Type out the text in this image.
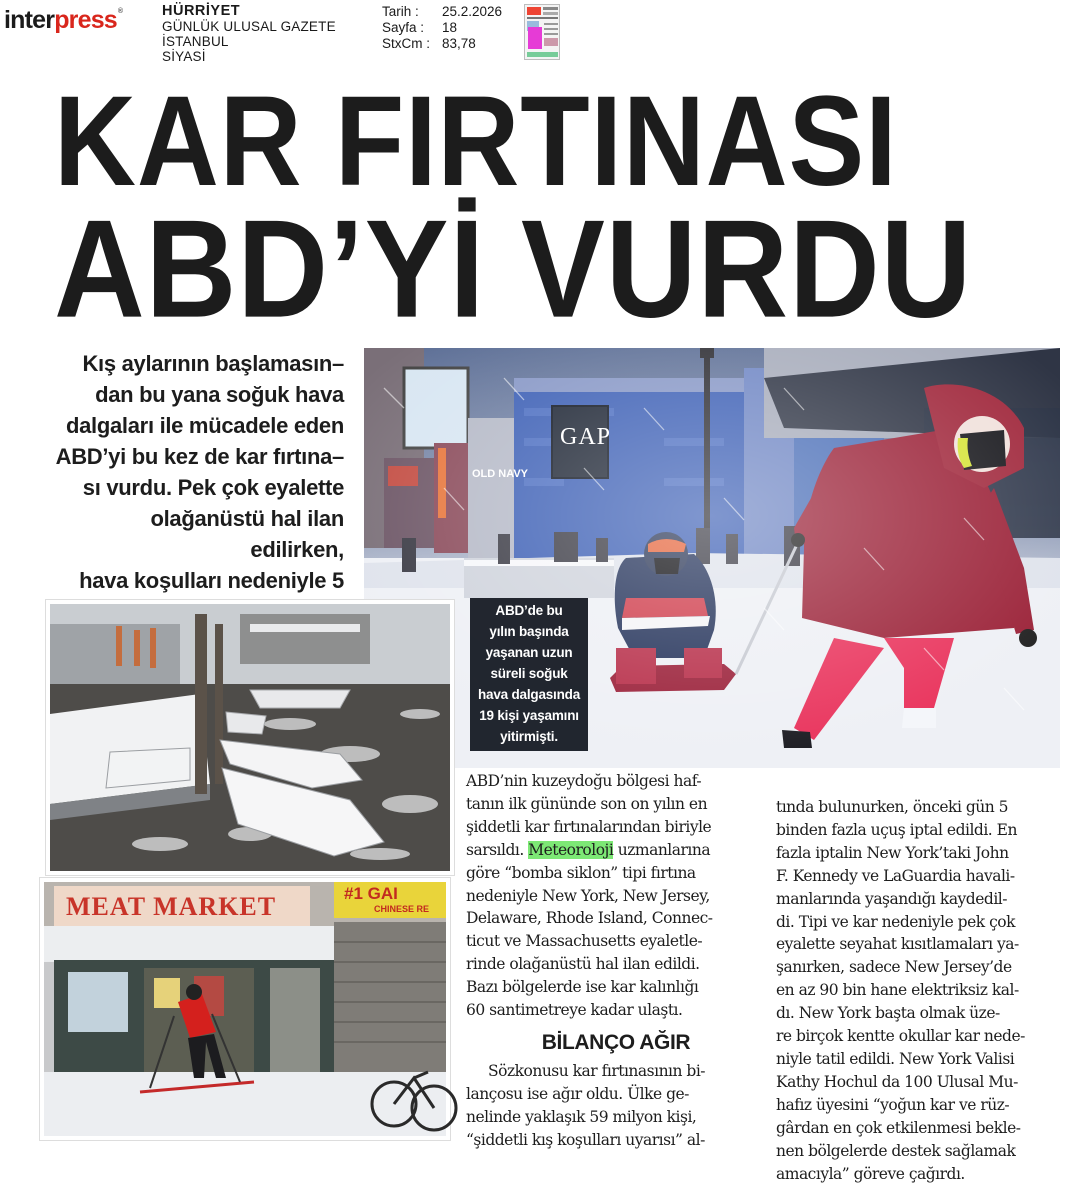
interpress®	HÜRRİYET
GÜNLÜK ULUSAL GAZETE
İSTANBUL
SİYASİ
Tarih :	25.2.2026
Sayfa :	18
StxCm : 83,78
KAR FIRTINASI
ABD’Yİ VURDU
Kış aylarının başlamasın–
dan bu yana soğuk hava
dalgaları ile mücadele eden
ABD’yi bu kez de kar fırtına–
sı vurdu. Pek çok eyalette
olağanüstü hal ilan edilirken,
hava koşulları nedeniyle 5
GAP
OLD NAVY
ABD’de bu
yılın başında
yaşanan uzun
süreli soğuk
hava dalgasında
19 kişi yaşamını
yitirmişti.
MEAT MARKET	#1 GAI
CHINESE RE

ABD’nin kuzeydoğu bölgesi haf-

tanın ilk gününde son on yılın en

şiddetli kar fırtınalarından biriyle

sarsıldı. Meteoroloji uzmanlarına

göre “bomba siklon” tipi fırtına

nedeniyle New York, New Jersey,

Delaware, Rhode Island, Connec-

ticut ve Massachusetts eyaletle-

rinde olağanüstü hal ilan edildi.

Bazı bölgelerde ise kar kalınlığı

60 santimetreye kadar ulaştı.

BİLANÇO AĞIR

Sözkonusu kar fırtınasının bi-

lançosu ise ağır oldu. Ülke ge-

nelinde yaklaşık 59 milyon kişi,

“şiddetli kış koşulları uyarısı” al-

tında bulunurken, önceki gün 5

binden fazla uçuş iptal edildi. En

fazla iptalin New York’taki John

F. Kennedy ve LaGuardia havali-

manlarında yaşandığı kaydedil-

di. Tipi ve kar nedeniyle pek çok

eyalette seyahat kısıtlamaları ya-

şanırken, sadece New Jersey’de

en az 90 bin hane elektriksiz kal-

dı. New York başta olmak üze-

re birçok kentte okullar kar nede-

niyle tatil edildi. New York Valisi

Kathy Hochul da 100 Ulusal Mu-

hafız üyesini “yoğun kar ve rüz-

gârdan en çok etkilenmesi bekle-

nen bölgelerde destek sağlamak

amacıyla” göreve çağırdı.
